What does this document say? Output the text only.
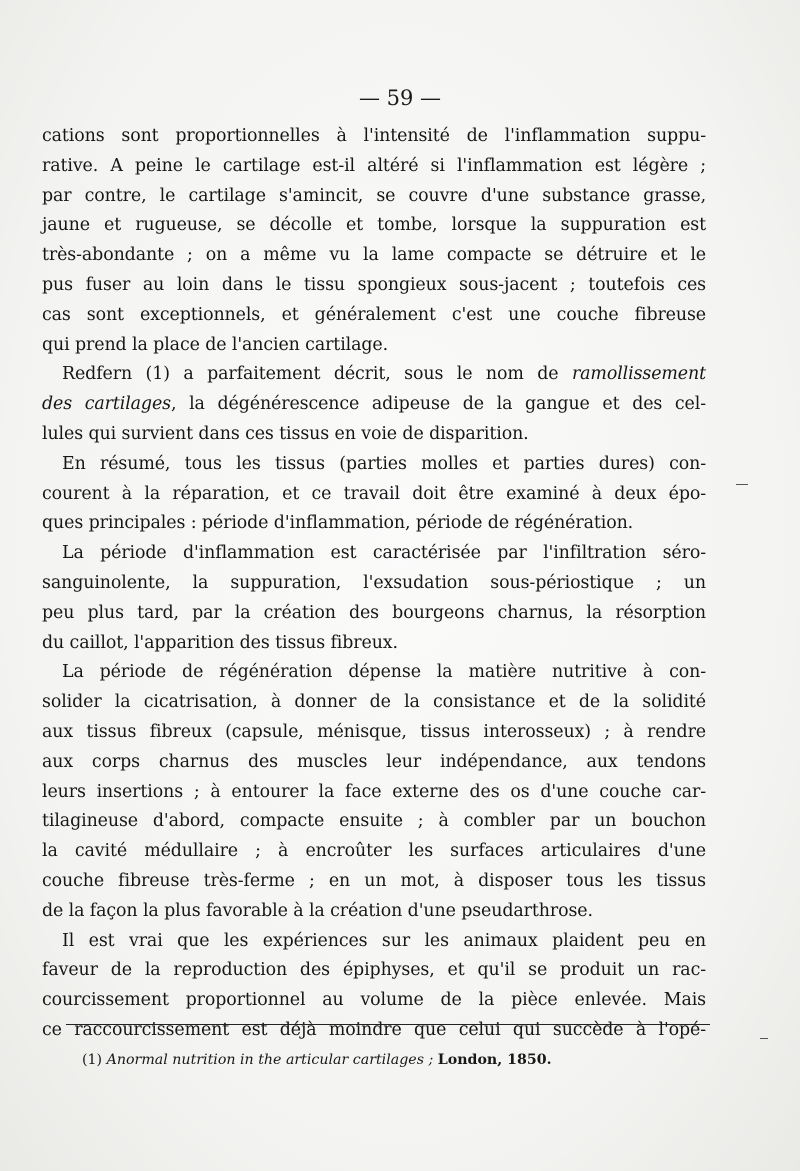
— 59 —
cations sont proportionnelles à l'intensité de l'inflammation suppu-
rative. A peine le cartilage est-il altéré si l'inflammation est légère ;
par contre, le cartilage s'amincit, se couvre d'une substance grasse,
jaune et rugueuse, se décolle et tombe, lorsque la suppuration est
très-abondante ; on a même vu la lame compacte se détruire et le
pus fuser au loin dans le tissu spongieux sous-jacent ; toutefois ces
cas sont exceptionnels, et généralement c'est une couche fibreuse
qui prend la place de l'ancien cartilage.
Redfern (1) a parfaitement décrit, sous le nom de ramollissement
des cartilages, la dégénérescence adipeuse de la gangue et des cel-
lules qui survient dans ces tissus en voie de disparition.
En résumé, tous les tissus (parties molles et parties dures) con-
courent à la réparation, et ce travail doit être examiné à deux épo-
ques principales : période d'inflammation, période de régénération.
La période d'inflammation est caractérisée par l'infiltration séro-
sanguinolente, la suppuration, l'exsudation sous-périostique ; un
peu plus tard, par la création des bourgeons charnus, la résorption
du caillot, l'apparition des tissus fibreux.
La période de régénération dépense la matière nutritive à con-
solider la cicatrisation, à donner de la consistance et de la solidité
aux tissus fibreux (capsule, ménisque, tissus interosseux) ; à rendre
aux corps charnus des muscles leur indépendance, aux tendons
leurs insertions ; à entourer la face externe des os d'une couche car-
tilagineuse d'abord, compacte ensuite ; à combler par un bouchon
la cavité médullaire ; à encroûter les surfaces articulaires d'une
couche fibreuse très-ferme ; en un mot, à disposer tous les tissus
de la façon la plus favorable à la création d'une pseudarthrose.
Il est vrai que les expériences sur les animaux plaident peu en
faveur de la reproduction des épiphyses, et qu'il se produit un rac-
courcissement proportionnel au volume de la pièce enlevée. Mais
ce raccourcissement est déjà moindre que celui qui succède à l'opé-
(1) Anormal nutrition in the articular cartilages ; London, 1850.
